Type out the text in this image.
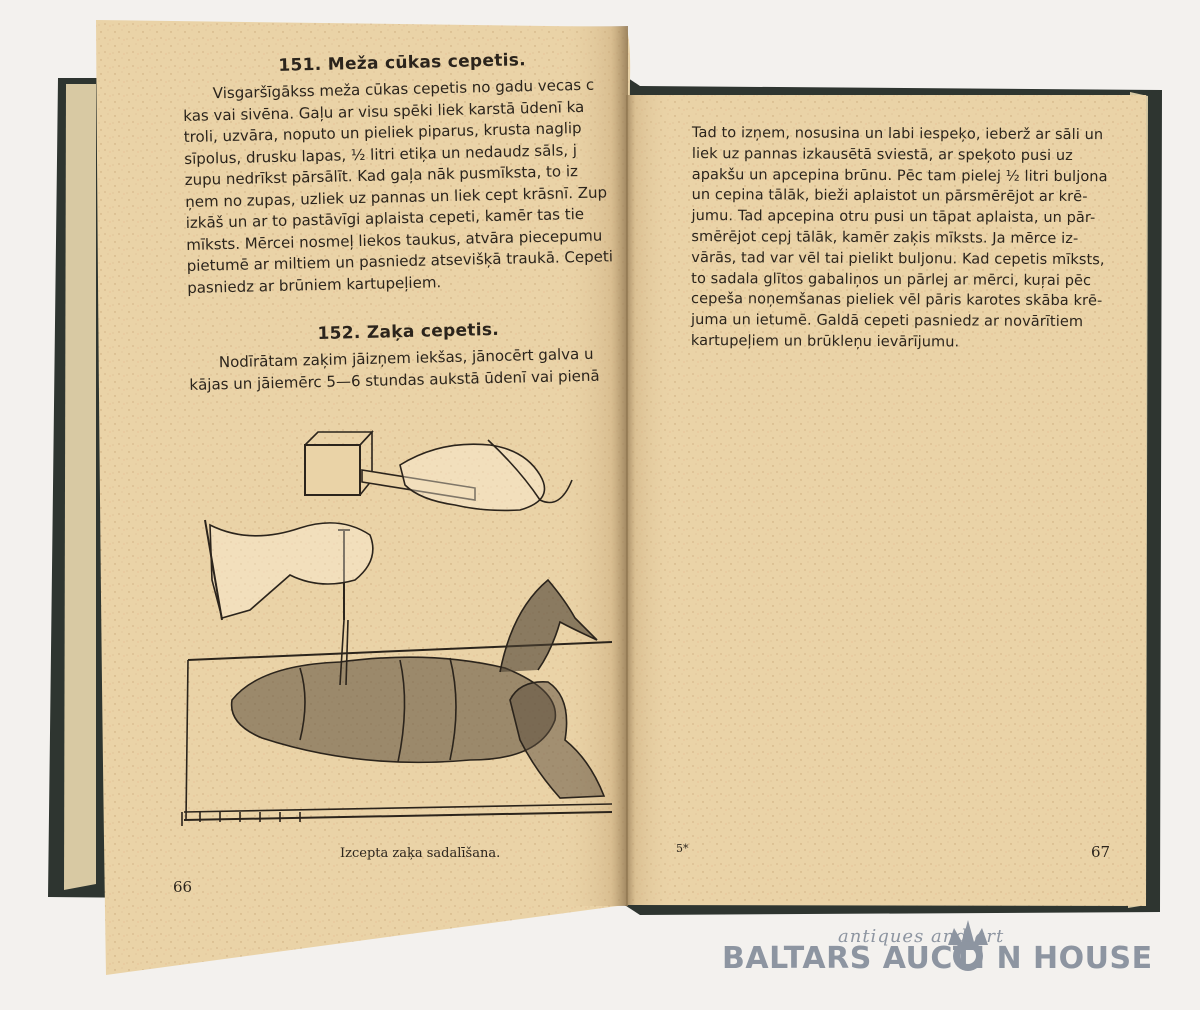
151. Meža cūkas cepetis.

Visgaršīgākss meža cūkas cepetis no gadu vecas c
kas vai sivēna. Gaļu ar visu spēki liek karstā ūdenī ka
troli, uzvāra, noputo un pieliek piparus, krusta naglip
sīpolus, drusku lapas, ½ litri etiķa un nedaudz sāls, j
zupu nedrīkst pārsālīt. Kad gaļa nāk pusmīksta, to iz
ņem no zupas, uzliek uz pannas un liek cept krāsnī. Zup
izkāš un ar to pastāvīgi aplaista cepeti, kamēr tas tie
mīksts. Mērcei nosmeļ liekos taukus, atvāra piecepumu
pietumē ar miltiem un pasniedz atsevišķā traukā. Cepeti
pasniedz ar brūniem kartupeļiem.

152. Zaķa cepetis.

Nodīrātam zaķim jāizņem iekšas, jānocērt galva u
kājas un jāiemērc 5—6 stundas aukstā ūdenī vai pienā

Izcepta zaķa sadalīšana.
66

Tad to izņem, nosusina un labi iespeķo, ieberž ar sāli un
liek uz pannas izkausētā sviestā, ar speķoto pusi uz
apakšu un apcepina brūnu. Pēc tam pielej ½ litri buljona
un cepina tālāk, bieži aplaistot un pārsmērējot ar krē-
jumu. Tad apcepina otru pusi un tāpat aplaista, un pār-
smērējot cepj tālāk, kamēr zaķis mīksts. Ja mērce iz-
vārās, tad var vēl tai pielikt buljonu. Kad cepetis mīksts,
to sadala glītos gabaliņos un pārlej ar mērci, kuŗai pēc
cepeša noņemšanas pieliek vēl pāris karotes skāba krē-
juma un ietumē. Galdā cepeti pasniedz ar novārītiem
kartupeļiem un brūkleņu ievārījumu.

5*	67
antiques and art
BALTARS AUCTI N HOUSE
